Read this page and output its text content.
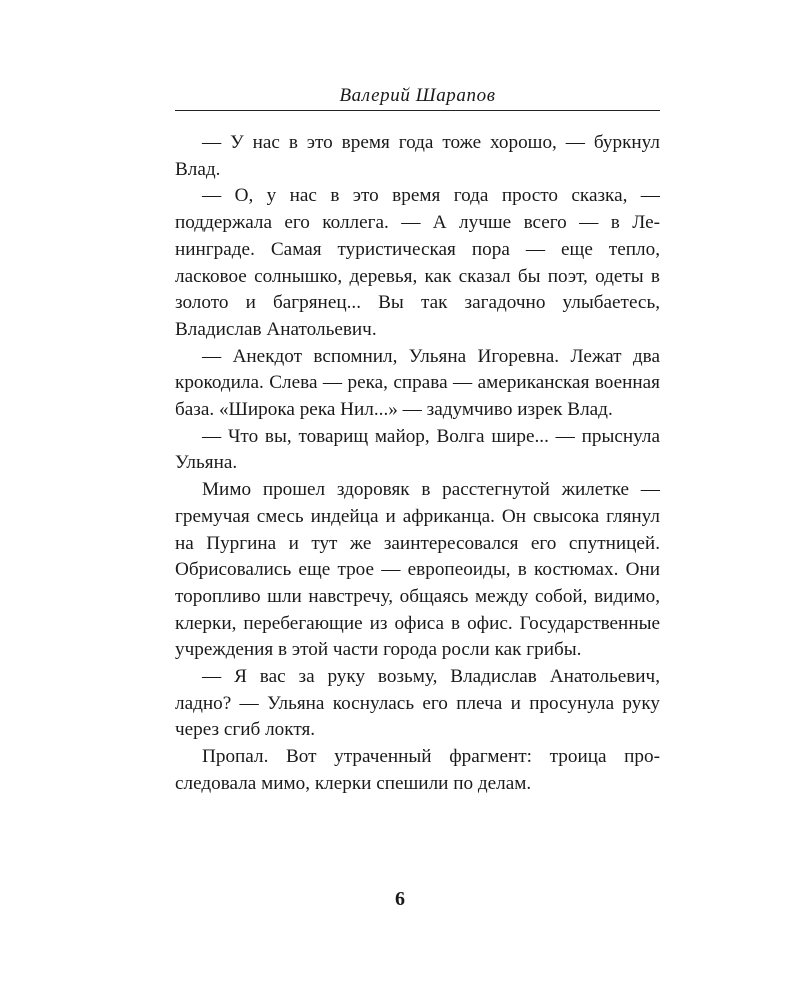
Валерий Шарапов

— У нас в это время года тоже хорошо, — буркнул Влад.

— О, у нас в это время года просто сказка, — поддержала его коллега. — А лучше всего — в Ленинграде. Самая туристическая пора — еще тепло, ласковое солнышко, деревья, как сказал бы поэт, одеты в золото и багрянец... Вы так загадочно улыбаетесь, Владислав Анатольевич.

— Анекдот вспомнил, Ульяна Игоревна. Лежат два крокодила. Слева — река, справа — американская военная база. «Широка река Нил...» — задумчиво изрек Влад.

— Что вы, товарищ майор, Волга шире... — прыснула Ульяна.

Мимо прошел здоровяк в расстегнутой жилетке — гремучая смесь индейца и африканца. Он свысока глянул на Пургина и тут же заинтересовался его спутницей. Обрисовались еще трое — европеоиды, в костюмах. Они торопливо шли навстречу, общаясь между собой, видимо, клерки, перебегающие из офиса в офис. Государственные учреждения в этой части города росли как грибы.

— Я вас за руку возьму, Владислав Анатольевич, ладно? — Ульяна коснулась его плеча и просунула руку через сгиб локтя.

Пропал. Вот утраченный фрагмент: троица проследовала мимо, клерки спешили по делам.

6
